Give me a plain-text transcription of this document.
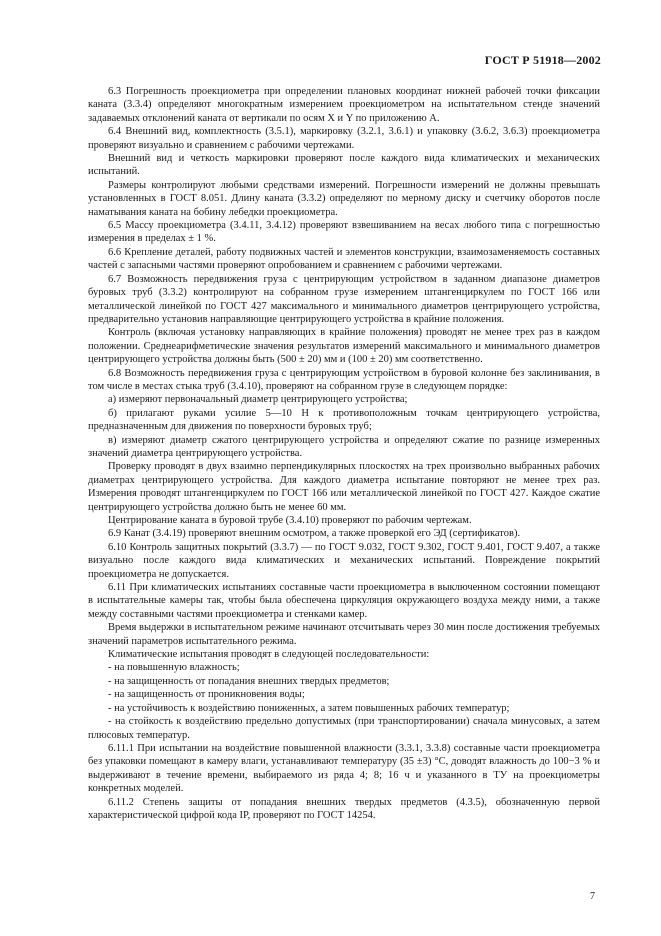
ГОСТ Р 51918—2002

6.3 Погрешность проекциометра при определении плановых координат нижней рабочей точки фиксации каната (3.3.4) определяют многократным измерением проекциометром на испытательном стенде значений задаваемых отклонений каната от вертикали по осям X и Y по приложению А.

6.4 Внешний вид, комплектность (3.5.1), маркировку (3.2.1, 3.6.1) и упаковку (3.6.2, 3.6.3) проекциометра проверяют визуально и сравнением с рабочими чертежами.

Внешний вид и четкость маркировки проверяют после каждого вида климатических и механических испытаний.

Размеры контролируют любыми средствами измерений. Погрешности измерений не должны превышать установленных в ГОСТ 8.051. Длину каната (3.3.2) определяют по мерному диску и счетчику оборотов после наматывания каната на бобину лебедки проекциометра.

6.5 Массу проекциометра (3.4.11, 3.4.12) проверяют взвешиванием на весах любого типа с погрешностью измерения в пределах ± 1 %.

6.6 Крепление деталей, работу подвижных частей и элементов конструкции, взаимозаменяемость составных частей с запасными частями проверяют опробованием и сравнением с рабочими чертежами.

6.7 Возможность передвижения груза с центрирующим устройством в заданном диапазоне диаметров буровых труб (3.3.2) контролируют на собранном грузе измерением штангенциркулем по ГОСТ 166 или металлической линейкой по ГОСТ 427 максимального и минимального диаметров центрирующего устройства, предварительно установив направляющие центрирующего устройства в крайние положения.

Контроль (включая установку направляющих в крайние положения) проводят не менее трех раз в каждом положении. Среднеарифметические значения результатов измерений максимального и минимального диаметров центрирующего устройства должны быть (500 ± 20) мм и (100 ± 20) мм соответственно.

6.8 Возможность передвижения груза с центрирующим устройством в буровой колонне без заклинивания, в том числе в местах стыка труб (3.4.10), проверяют на собранном грузе в следующем порядке:

а) измеряют первоначальный диаметр центрирующего устройства;

б) прилагают руками усилие 5—10 Н к противоположным точкам центрирующего устройства, предназначенным для движения по поверхности буровых труб;

в) измеряют диаметр сжатого центрирующего устройства и определяют сжатие по разнице измеренных значений диаметра центрирующего устройства.

Проверку проводят в двух взаимно перпендикулярных плоскостях на трех произвольно выбранных рабочих диаметрах центрирующего устройства. Для каждого диаметра испытание повторяют не менее трех раз. Измерения проводят штангенциркулем по ГОСТ 166 или металлической линейкой по ГОСТ 427. Каждое сжатие центрирующего устройства должно быть не менее 60 мм.

Центрирование каната в буровой трубе (3.4.10) проверяют по рабочим чертежам.

6.9 Канат (3.4.19) проверяют внешним осмотром, а также проверкой его ЭД (сертификатов).

6.10 Контроль защитных покрытий (3.3.7) — по ГОСТ 9.032, ГОСТ 9.302, ГОСТ 9.401, ГОСТ 9.407, а также визуально после каждого вида климатических и механических испытаний. Повреждение покрытий проекциометра не допускается.

6.11 При климатических испытаниях составные части проекциометра в выключенном состоянии помещают в испытательные камеры так, чтобы была обеспечена циркуляция окружающего воздуха между ними, а также между составными частями проекциометра и стенками камер.

Время выдержки в испытательном режиме начинают отсчитывать через 30 мин после достижения требуемых значений параметров испытательного режима.

Климатические испытания проводят в следующей последовательности:

- на повышенную влажность;

- на защищенность от попадания внешних твердых предметов;

- на защищенность от проникновения воды;

- на устойчивость к воздействию пониженных, а затем повышенных рабочих температур;

- на стойкость к воздействию предельно допустимых (при транспортировании) сначала минусовых, а затем плюсовых температур.

6.11.1 При испытании на воздействие повышенной влажности (3.3.1, 3.3.8) составные части проекциометра без упаковки помещают в камеру влаги, устанавливают температуру (35 ±3) °С, доводят влажность до 100−3 % и выдерживают в течение времени, выбираемого из ряда 4; 8; 16 ч и указанного в ТУ на проекциометры конкретных моделей.

6.11.2 Степень защиты от попадания внешних твердых предметов (4.3.5), обозначенную первой характеристической цифрой кода IP, проверяют по ГОСТ 14254.

7
